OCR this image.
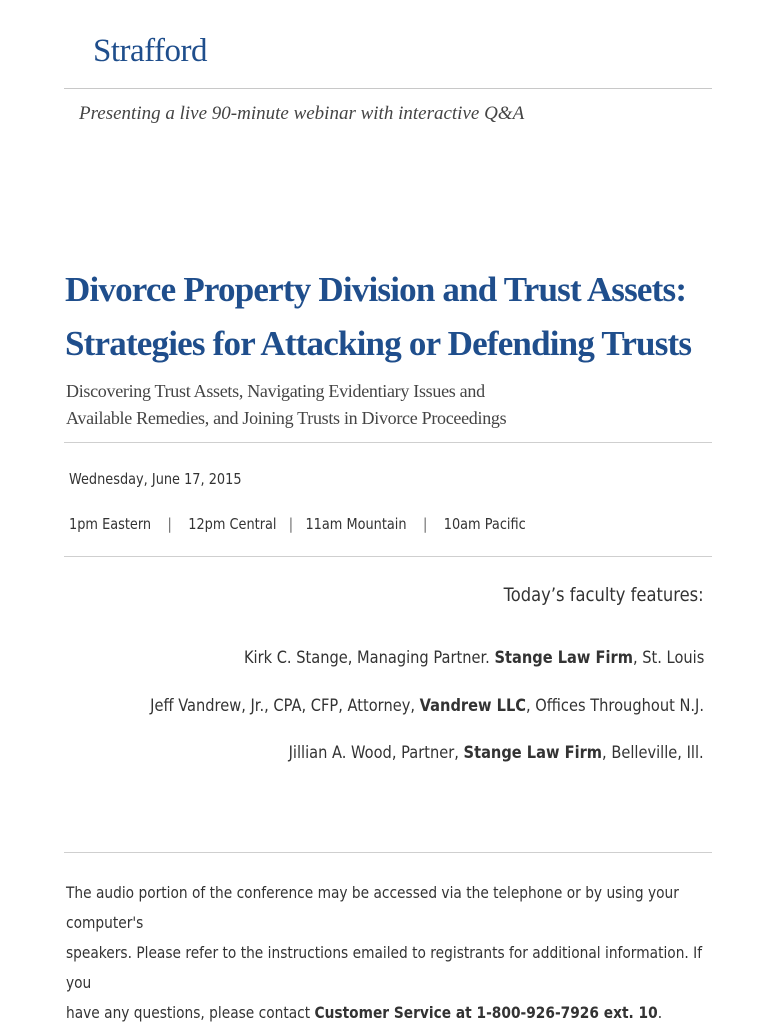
Strafford
Presenting a live 90-minute webinar with interactive Q&A
Divorce Property Division and Trust Assets:
Strategies for Attacking or Defending Trusts
Discovering Trust Assets, Navigating Evidentiary Issues and
Available Remedies, and Joining Trusts in Divorce Proceedings
Wednesday, June 17, 2015
1pm Eastern | 12pm Central | 11am Mountain | 10am Pacific
Today’s faculty features:
Kirk C. Stange, Managing Partner. Stange Law Firm, St. Louis
Jeff Vandrew, Jr., CPA, CFP, Attorney, Vandrew LLC, Offices Throughout N.J.
Jillian A. Wood, Partner, Stange Law Firm, Belleville, Ill.
The audio portion of the conference may be accessed via the telephone or by using your computer's
speakers. Please refer to the instructions emailed to registrants for additional information. If you
have any questions, please contact Customer Service at 1-800-926-7926 ext. 10.
